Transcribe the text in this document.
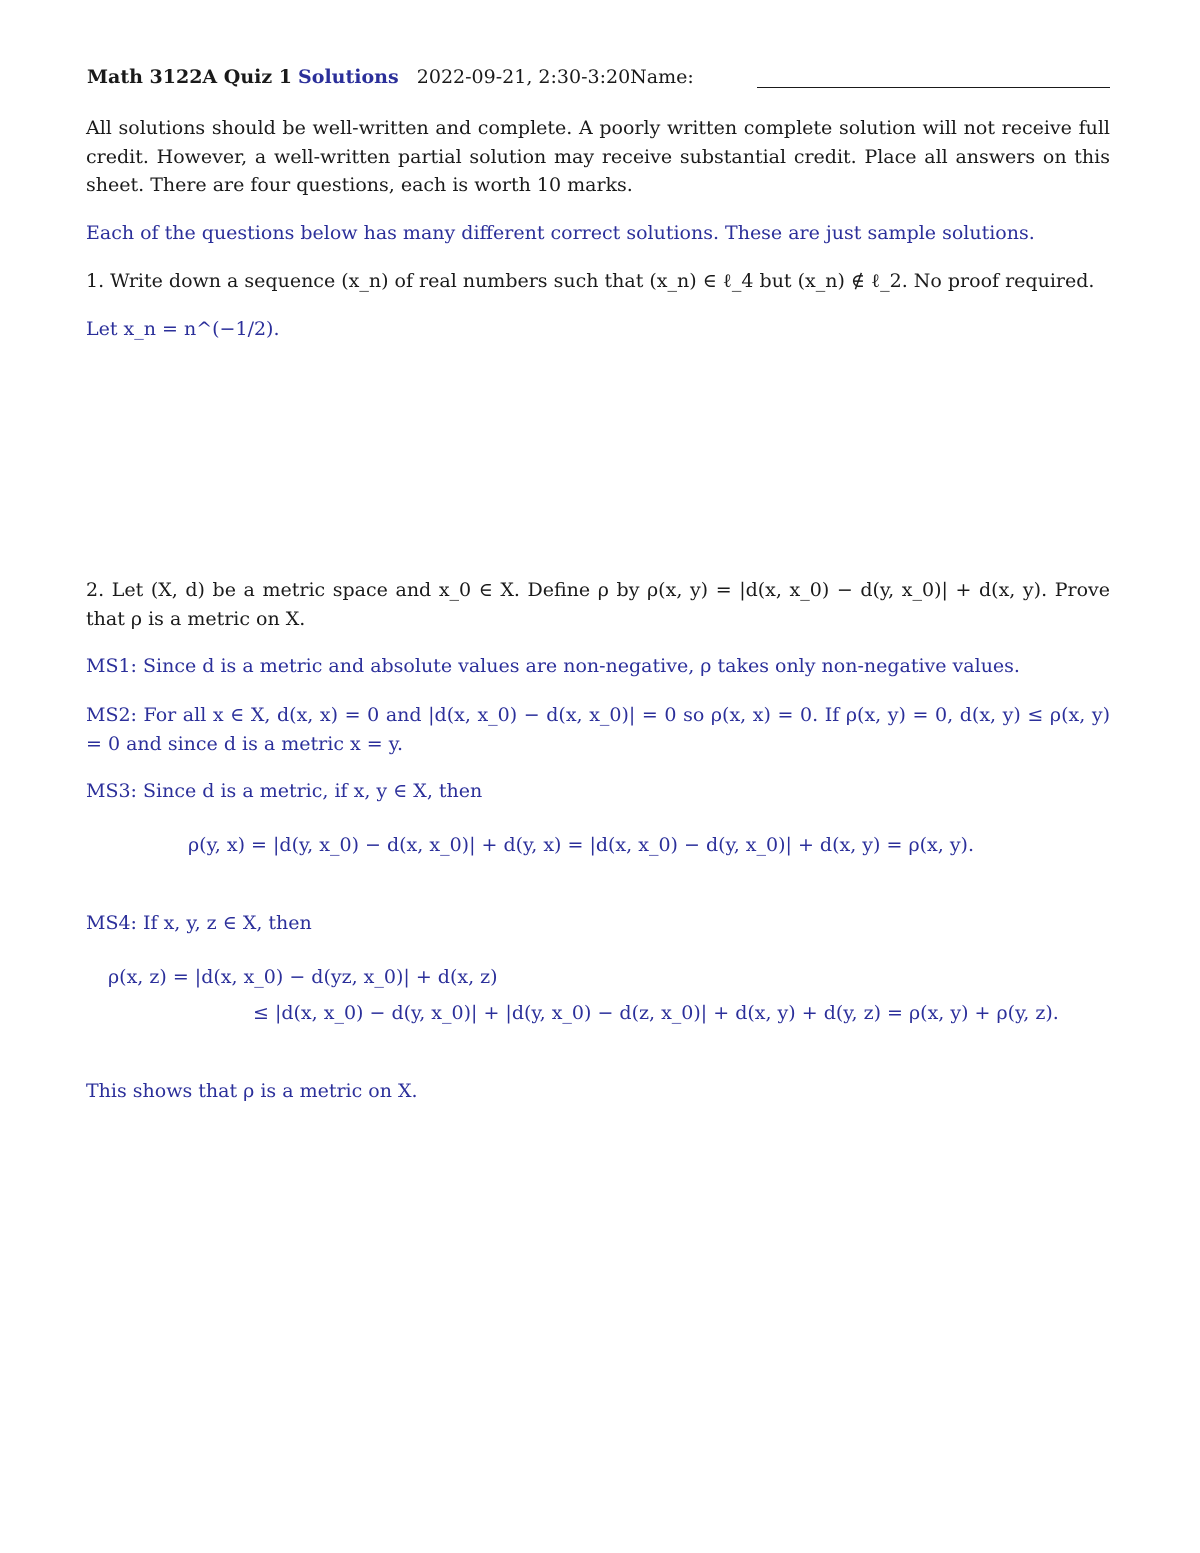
Math 3122A Quiz 1 Solutions 2022-09-21, 2:30-3:20Name:
All solutions should be well-written and complete. A poorly written complete solution will not receive full credit. However, a well-written partial solution may receive substantial credit. Place all answers on this sheet. There are four questions, each is worth 10 marks.
Each of the questions below has many different correct solutions. These are just sample solutions.
1. Write down a sequence (x_n) of real numbers such that (x_n) ∈ ℓ_4 but (x_n) ∉ ℓ_2. No proof required.
Let x_n = n^(−1/2).
2. Let (X, d) be a metric space and x_0 ∈ X. Define ρ by ρ(x, y) = |d(x, x_0) − d(y, x_0)| + d(x, y). Prove that ρ is a metric on X.
MS1: Since d is a metric and absolute values are non-negative, ρ takes only non-negative values.
MS2: For all x ∈ X, d(x, x) = 0 and |d(x, x_0) − d(x, x_0)| = 0 so ρ(x, x) = 0. If ρ(x, y) = 0, d(x, y) ≤ ρ(x, y) = 0 and since d is a metric x = y.
MS3: Since d is a metric, if x, y ∈ X, then
ρ(y, x) = |d(y, x_0) − d(x, x_0)| + d(y, x) = |d(x, x_0) − d(y, x_0)| + d(x, y) = ρ(x, y).
MS4: If x, y, z ∈ X, then
ρ(x, z) = |d(x, x_0) − d(yz, x_0)| + d(x, z)
≤ |d(x, x_0) − d(y, x_0)| + |d(y, x_0) − d(z, x_0)| + d(x, y) + d(y, z) = ρ(x, y) + ρ(y, z).
This shows that ρ is a metric on X.
